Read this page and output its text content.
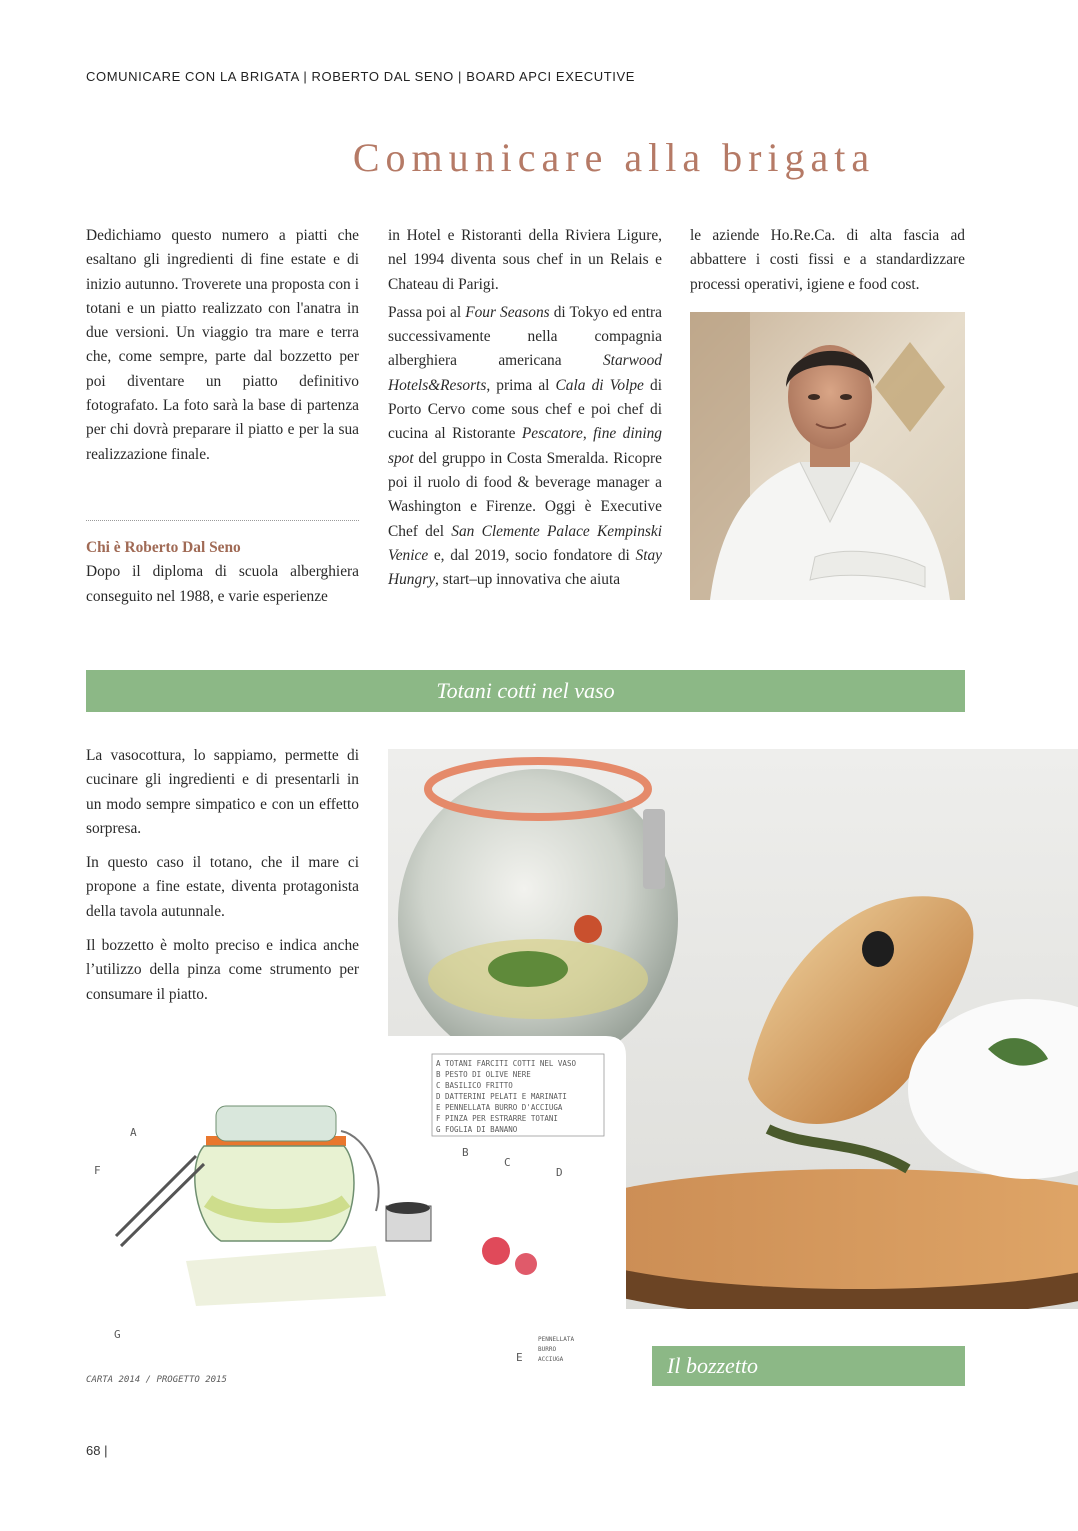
COMUNICARE CON LA BRIGATA | ROBERTO DAL SENO | BOARD APCI EXECUTIVE
Comunicare alla brigata

Dedichiamo questo numero a piatti che esaltano gli ingredienti di fine estate e di inizio autunno. Troverete una proposta con i totani e un piatto realizzato con l'anatra in due versioni. Un viaggio tra mare e terra che, come sempre, parte dal bozzetto per poi diventare un piatto definitivo fotografato. La foto sarà la base di partenza per chi dovrà preparare il piatto e per la sua realizzazione finale.

Chi è Roberto Dal Seno

Dopo il diploma di scuola alberghiera conseguito nel 1988, e varie esperienze

in Hotel e Ristoranti della Riviera Ligure, nel 1994 diventa sous chef in un Relais e Chateau di Parigi.

Passa poi al Four Seasons di Tokyo ed entra successivamente nella compagnia alberghiera americana Starwood Hotels&Resorts, prima al Cala di Volpe di Porto Cervo come sous chef e poi chef di cucina al Ristorante Pescatore, fine dining spot del gruppo in Costa Smeralda. Ricopre poi il ruolo di food & beverage manager a Washington e Firenze. Oggi è Executive Chef del San Clemente Palace Kempinski Venice e, dal 2019, socio fondatore di Stay Hungry, start–up innovativa che aiuta

le aziende Ho.Re.Ca. di alta fascia ad abbattere i costi fissi e a standardizzare processi operativi, igiene e food cost.

Totani cotti nel vaso

La vasocottura, lo sappiamo, permette di cucinare gli ingredienti e di presentarli in un modo sempre simpatico e con un effetto sorpresa.

In questo caso il totano, che il mare ci propone a fine estate, diventa protagonista della tavola autunnale.

Il bozzetto è molto preciso e indica anche l’utilizzo della pinza come strumento per consumare il piatto.

A TOTANI FARCITI COTTI NEL VASO B PESTO DI OLIVE NERE C BASILICO FRITTO D DATTERINI PELATI E MARINATI E PENNELLATA BURRO D'ACCIUGA F PINZA PER ESTRARRE TOTANI G FOGLIA DI BANANO
A B C D F G E
PENNELLATA BURRO ACCIUGA
CARTA 2014 / PROGETTO 2015
Il bozzetto
68 |
